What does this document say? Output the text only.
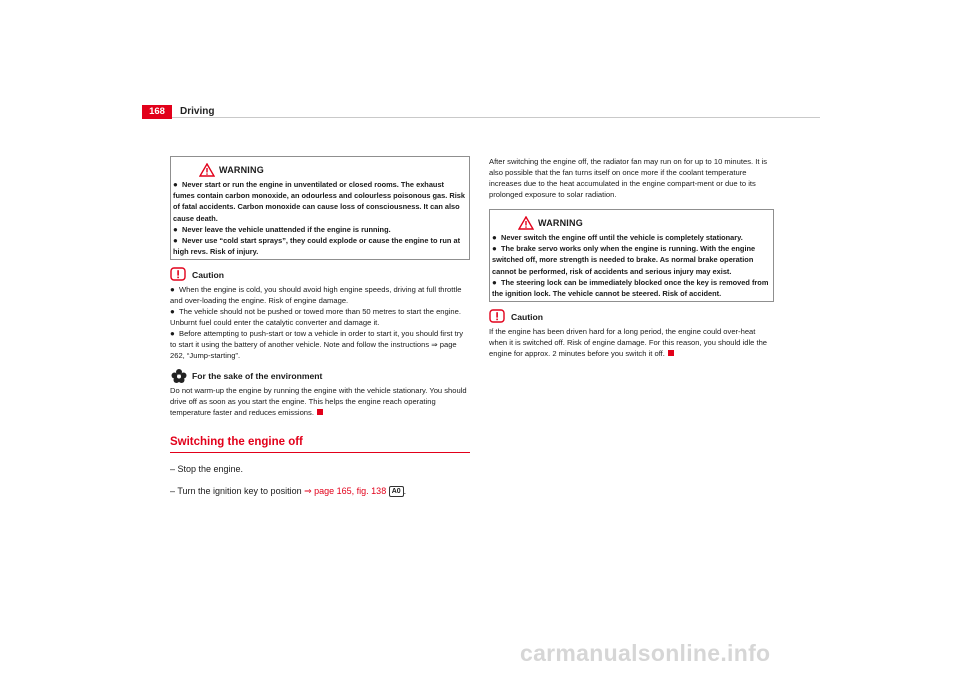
168	Driving
WARNING

● Never start or run the engine in unventilated or closed rooms. The exhaust fumes contain carbon monoxide, an odourless and colourless poisonous gas. Risk of fatal accidents. Carbon monoxide can cause loss of consciousness. It can also cause death.

● Never leave the vehicle unattended if the engine is running.

● Never use “cold start sprays”, they could explode or cause the engine to run at high revs. Risk of injury.

Caution

● When the engine is cold, you should avoid high engine speeds, driving at full throttle and over-loading the engine. Risk of engine damage.

● The vehicle should not be pushed or towed more than 50 metres to start the engine. Unburnt fuel could enter the catalytic converter and damage it.

● Before attempting to push-start or tow a vehicle in order to start it, you should first try to start it using the battery of another vehicle. Note and follow the instructions ⇒ page 262, “Jump-starting”.

For the sake of the environment

Do not warm-up the engine by running the engine with the vehicle stationary. You should drive off as soon as you start the engine. This helps the engine reach operating temperature faster and reduces emissions.

Switching the engine off
– Stop the engine.
– Turn the ignition key to position ⇒ page 165, fig. 138 A0 .

After switching the engine off, the radiator fan may run on for up to 10 minutes. It is also possible that the fan turns itself on once more if the coolant temperature increases due to the heat accumulated in the engine compart-ment or due to its prolonged exposure to solar radiation.

WARNING

● Never switch the engine off until the vehicle is completely stationary.

● The brake servo works only when the engine is running. With the engine switched off, more strength is needed to brake. As normal brake operation cannot be performed, risk of accidents and serious injury may exist.

● The steering lock can be immediately blocked once the key is removed from the ignition lock. The vehicle cannot be steered. Risk of accident.

Caution

If the engine has been driven hard for a long period, the engine could over-heat when it is switched off. Risk of engine damage. For this reason, you should idle the engine for approx. 2 minutes before you switch it off.

carmanualsonline.info
